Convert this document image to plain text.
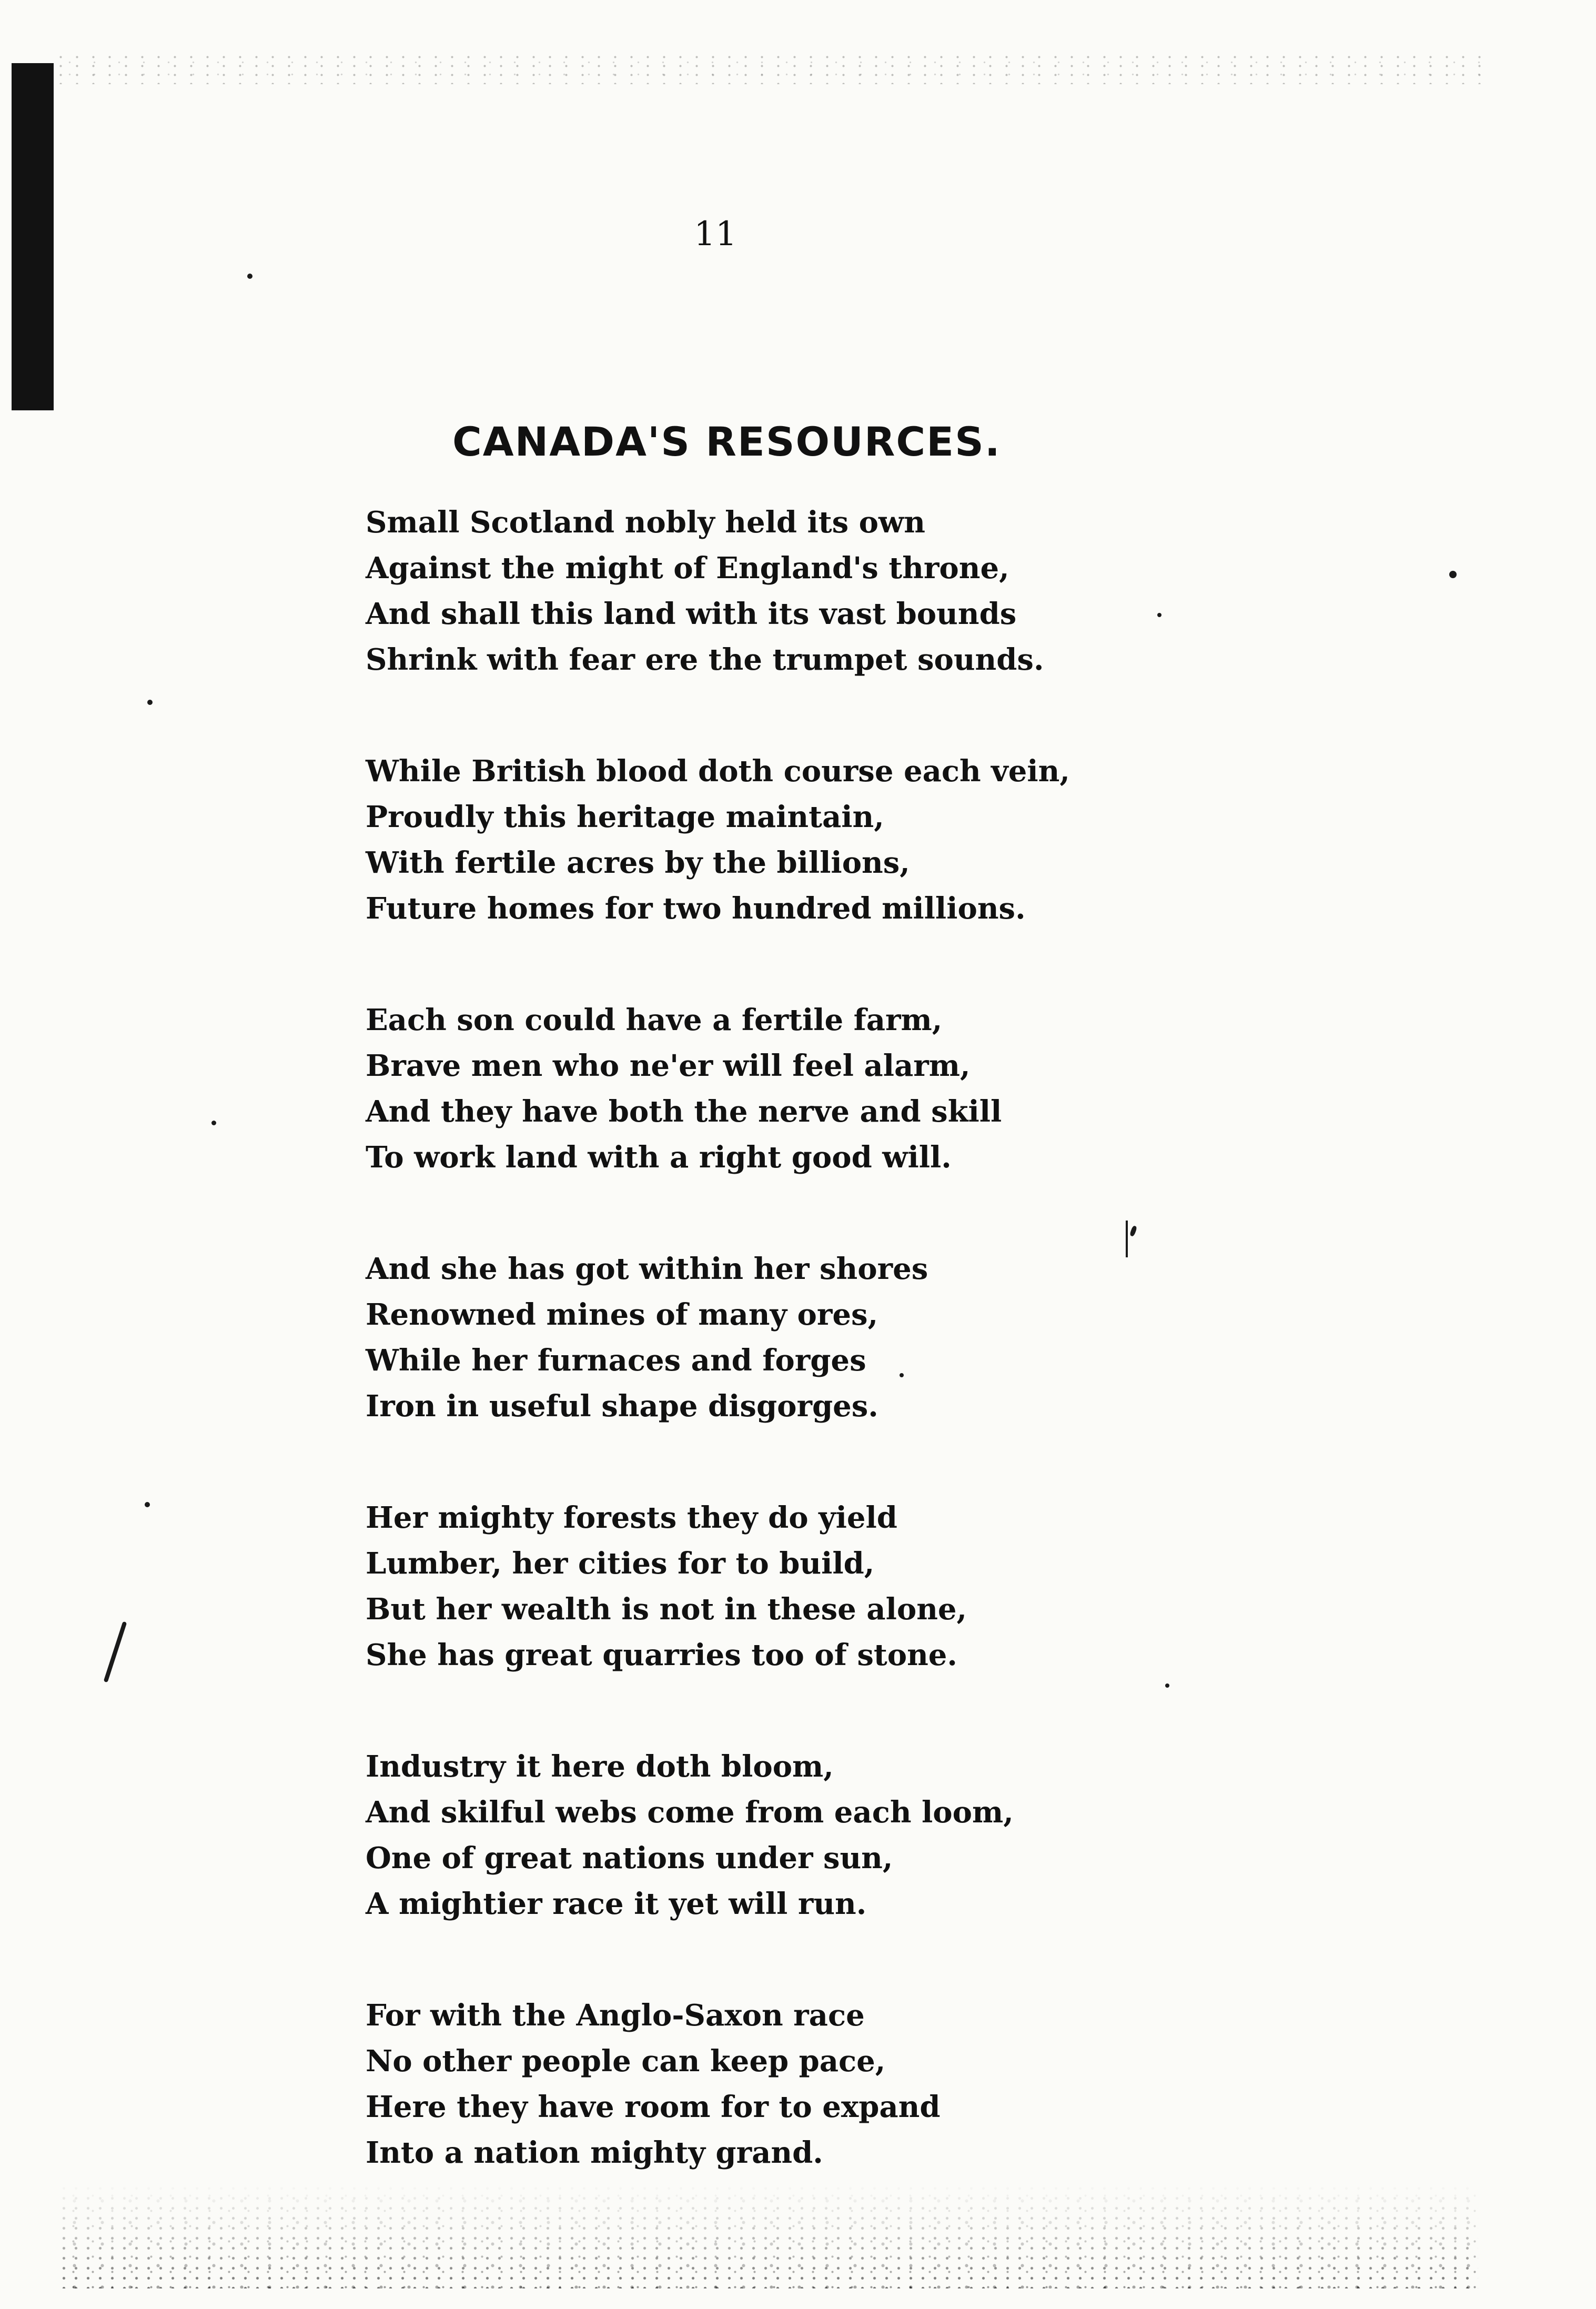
11
CANADA'S RESOURCES.
Small Scotland nobly held its own
Against the might of England's throne,
And shall this land with its vast bounds
Shrink with fear ere the trumpet sounds.
While British blood doth course each vein,
Proudly this heritage maintain,
With fertile acres by the billions,
Future homes for two hundred millions.
Each son could have a fertile farm,
Brave men who ne'er will feel alarm,
And they have both the nerve and skill
To work land with a right good will.
And she has got within her shores
Renowned mines of many ores,
While her furnaces and forges
Iron in useful shape disgorges.
Her mighty forests they do yield
Lumber, her cities for to build,
But her wealth is not in these alone,
She has great quarries too of stone.
Industry it here doth bloom,
And skilful webs come from each loom,
One of great nations under sun,
A mightier race it yet will run.
For with the Anglo-Saxon race
No other people can keep pace,
Here they have room for to expand
Into a nation mighty grand.
